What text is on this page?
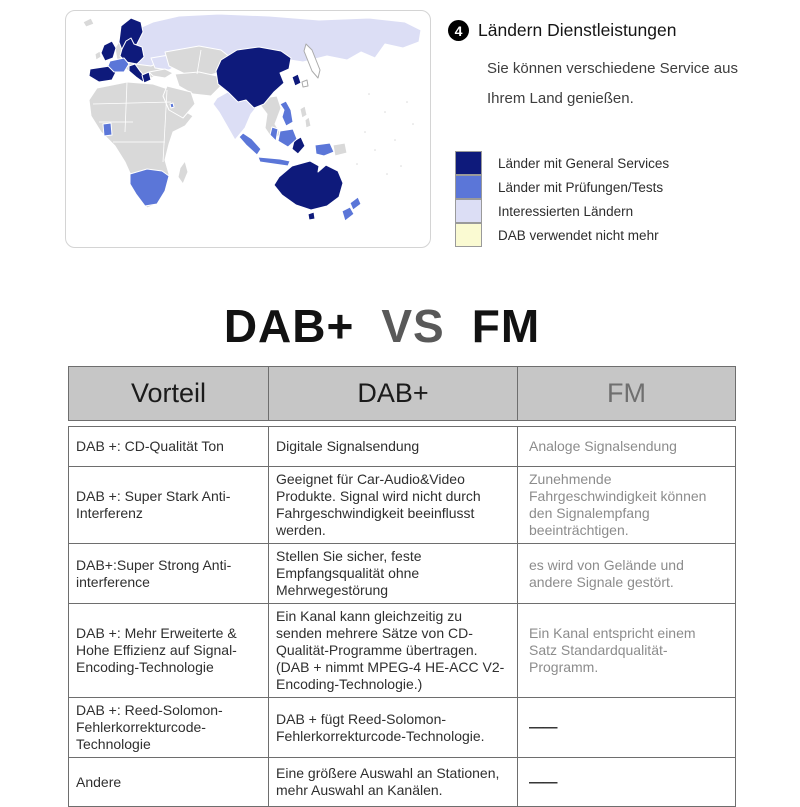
4 Ländern Dienstleistungen
Sie können verschiedene Service aus
Ihrem Land genießen.
Länder mit General Services
Länder mit Prüfungen/Tests
Interessierten Ländern
DAB verwendet nicht mehr
DAB+ VS FM
Vorteil	DAB+	FM
DAB +: CD-Qualität Ton	Digitale Signalsendung	Analoge Signalsendung
DAB +: Super Stark Anti-Interferenz	Geeignet für Car-Audio&Video Produkte. Signal wird nicht durch Fahrgeschwindigkeit beeinflusst werden.	Zunehmende Fahrgeschwindigkeit können den Signalempfang beeinträchtigen.
DAB+:Super Strong Anti-interference	Stellen Sie sicher, feste Empfangsqualität ohne Mehrwegestörung	es wird von Gelände und andere Signale gestört.
DAB +: Mehr Erweiterte & Hohe Effizienz auf Signal-Encoding-Technologie	Ein Kanal kann gleichzeitig zu senden mehrere Sätze von CD-Qualität-Programme übertragen. (DAB + nimmt MPEG-4 HE-ACC V2-Encoding-Technologie.)	Ein Kanal entspricht einem Satz Standardqualität-Programm.
DAB +: Reed-Solomon-Fehlerkorrekturcode-Technologie	DAB + fügt Reed-Solomon-Fehlerkorrekturcode-Technologie.	——
Andere	Eine größere Auswahl an Stationen, mehr Auswahl an Kanälen.	——
